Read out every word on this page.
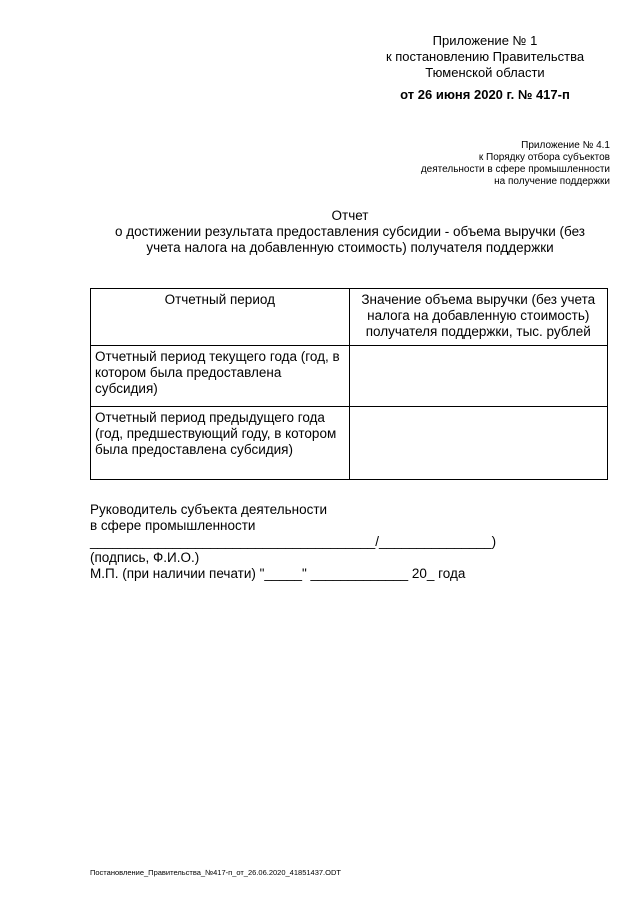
Приложение № 1
к постановлению Правительства
Тюменской области
от 26 июня 2020 г. № 417-п
Приложение № 4.1
к Порядку отбора субъектов
деятельности в сфере промышленности
на получение поддержки
Отчет
о достижении результата предоставления субсидии - объема выручки (без
учета налога на добавленную стоимость) получателя поддержки
Отчетный период	Значение объема выручки (без учета налога на добавленную стоимость) получателя поддержки, тыс. рублей
Отчетный период текущего года (год, в котором была предоставлена субсидия)	
Отчетный период предыдущего года (год, предшествующий году, в котором была предоставлена субсидия)	
Руководитель субъекта деятельности
в сфере промышленности
______________________________________/_______________)
(подпись, Ф.И.О.)
М.П. (при наличии печати) "_____" _____________ 20_ года
Постановление_Правительства_№417-п_от_26.06.2020_41851437.ODT
